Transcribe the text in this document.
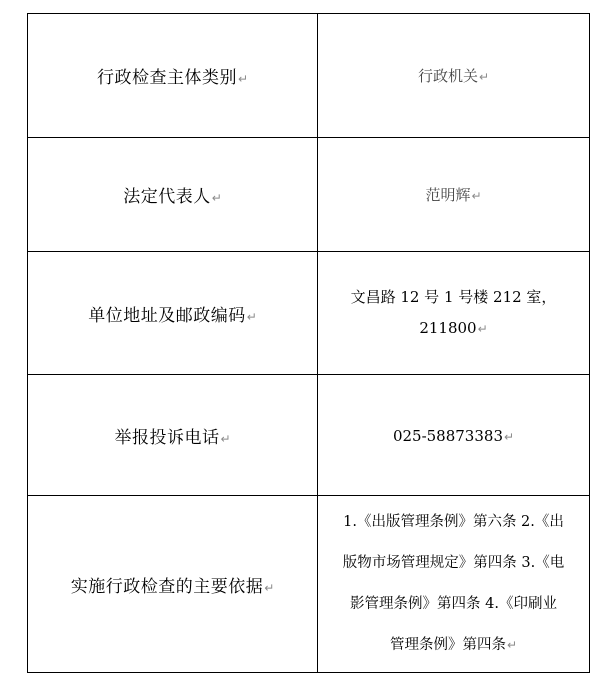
行政检查主体类别↵	行政机关↵
法定代表人↵	范明辉↵
单位地址及邮政编码↵	文昌路 12 号 1 号楼 212 室，
211800↵

举报投诉电话↵	025-58873383↵
实施行政检查的主要依据↵	1.《出版管理条例》第六条 2.《出
版物市场管理规定》第四条 3.《电
影管理条例》第四条 4.《印刷业
管理条例》第四条↵
